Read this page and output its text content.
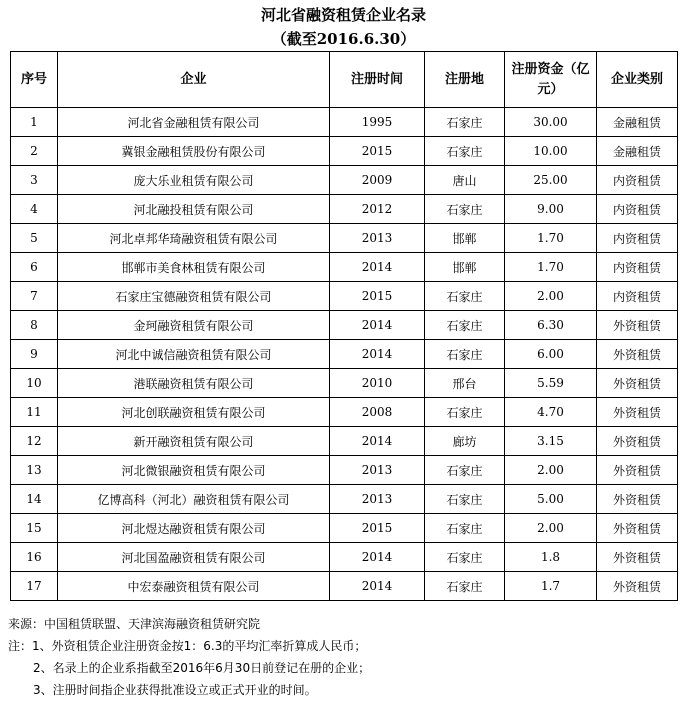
河北省融资租赁企业名录
（截至2016.6.30）
序号	企业	注册时间	注册地	注册资金（亿元）	企业类别
1	河北省金融租赁有限公司	1995	石家庄	30.00	金融租赁
2	冀银金融租赁股份有限公司	2015	石家庄	10.00	金融租赁
3	庞大乐业租赁有限公司	2009	唐山	25.00	内资租赁
4	河北融投租赁有限公司	2012	石家庄	9.00	内资租赁
5	河北卓邦华琦融资租赁有限公司	2013	邯郸	1.70	内资租赁
6	邯郸市美食林租赁有限公司	2014	邯郸	1.70	内资租赁
7	石家庄宝德融资租赁有限公司	2015	石家庄	2.00	内资租赁
8	金珂融资租赁有限公司	2014	石家庄	6.30	外资租赁
9	河北中诚信融资租赁有限公司	2014	石家庄	6.00	外资租赁
10	港联融资租赁有限公司	2010	邢台	5.59	外资租赁
11	河北创联融资租赁有限公司	2008	石家庄	4.70	外资租赁
12	新开融资租赁有限公司	2014	廊坊	3.15	外资租赁
13	河北微银融资租赁有限公司	2013	石家庄	2.00	外资租赁
14	亿博高科（河北）融资租赁有限公司	2013	石家庄	5.00	外资租赁
15	河北煜达融资租赁有限公司	2015	石家庄	2.00	外资租赁
16	河北国盈融资租赁有限公司	2014	石家庄	1.8	外资租赁
17	中宏泰融资租赁有限公司	2014	石家庄	1.7	外资租赁
来源：中国租赁联盟、天津滨海融资租赁研究院
注：1、外资租赁企业注册资金按1：6.3的平均汇率折算成人民币；
2、名录上的企业系指截至2016年6月30日前登记在册的企业；
3、注册时间指企业获得批准设立或正式开业的时间。
